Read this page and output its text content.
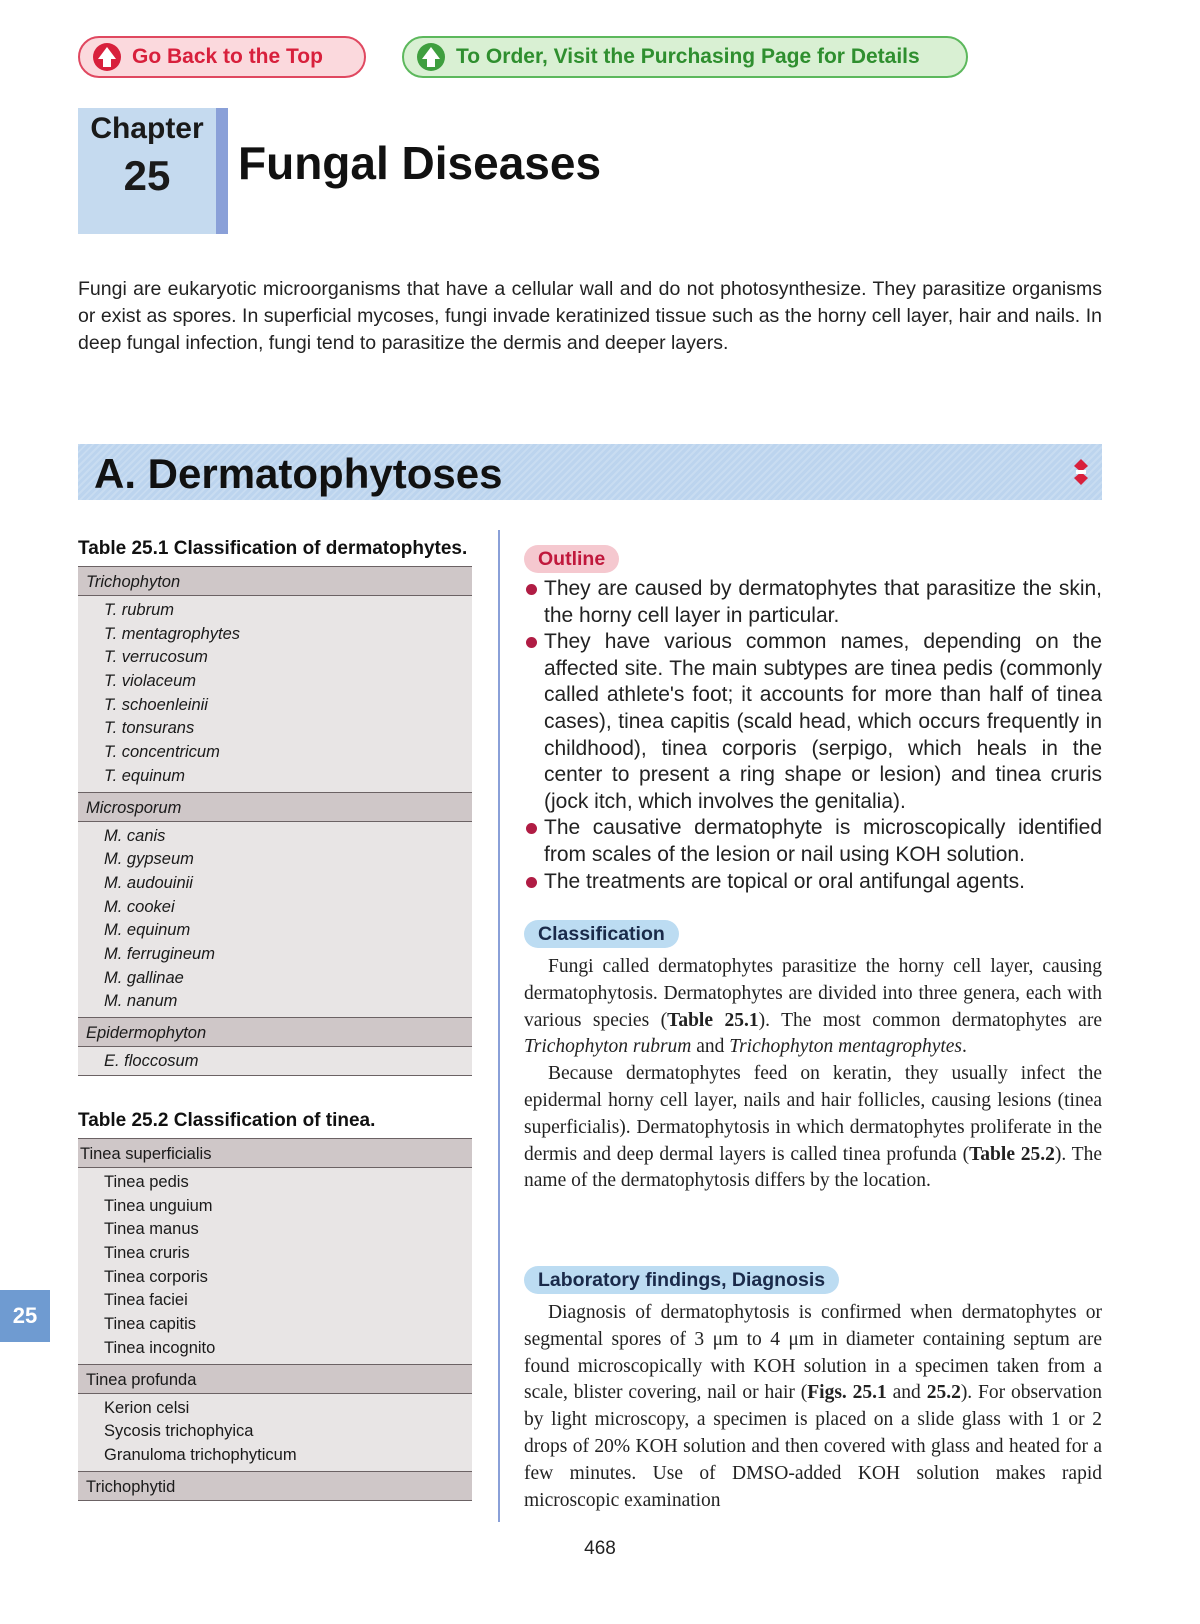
Go Back to the Top	To Order, Visit the Purchasing Page for Details
Chapter
25	Fungal Diseases
Fungi are eukaryotic microorganisms that have a cellular wall and do not photosynthesize. They parasitize organisms or exist as spores. In superficial mycoses, fungi invade keratinized tissue such as the horny cell layer, hair and nails. In deep fungal infection, fungi tend to parasitize the dermis and deeper layers.
A. Dermatophytoses
Table 25.1 Classification of dermatophytes.
Trichophyton
T. rubrum
T. mentagrophytes
T. verrucosum
T. violaceum
T. schoenleinii
T. tonsurans
T. concentricum
T. equinum
Microsporum
M. canis
M. gypseum
M. audouinii
M. cookei
M. equinum
M. ferrugineum
M. gallinae
M. nanum
Epidermophyton
E. floccosum
Table 25.2 Classification of tinea.
Tinea superficialis
Tinea pedis
Tinea unguium
Tinea manus
Tinea cruris
Tinea corporis
Tinea faciei
Tinea capitis
Tinea incognito
Tinea profunda
Kerion celsi
Sycosis trichophyica
Granuloma trichophyticum
Trichophytid
Outline
They are caused by dermatophytes that parasitize the skin, the horny cell layer in particular.
They have various common names, depending on the affected site. The main subtypes are tinea pedis (commonly called athlete's foot; it accounts for more than half of tinea cases), tinea capitis (scald head, which occurs frequently in childhood), tinea corporis (serpigo, which heals in the center to present a ring shape or lesion) and tinea cruris (jock itch, which involves the genitalia).
The causative dermatophyte is microscopically identified from scales of the lesion or nail using KOH solution.
The treatments are topical or oral antifungal agents.
Classification

Fungi called dermatophytes parasitize the horny cell layer, causing dermatophytosis. Dermatophytes are divided into three genera, each with various species (Table 25.1). The most common dermatophytes are Trichophyton rubrum and Trichophyton mentagrophytes.

Because dermatophytes feed on keratin, they usually infect the epidermal horny cell layer, nails and hair follicles, causing lesions (tinea superficialis). Dermatophytosis in which dermatophytes proliferate in the dermis and deep dermal layers is called tinea profunda (Table 25.2). The name of the dermatophytosis differs by the location.

Laboratory findings, Diagnosis

Diagnosis of dermatophytosis is confirmed when dermatophytes or segmental spores of 3 μm to 4 μm in diameter containing septum are found microscopically with KOH solution in a specimen taken from a scale, blister covering, nail or hair (Figs. 25.1 and 25.2). For observation by light microscopy, a specimen is placed on a slide glass with 1 or 2 drops of 20% KOH solution and then covered with glass and heated for a few minutes. Use of DMSO-added KOH solution makes rapid microscopic examination

25
468
